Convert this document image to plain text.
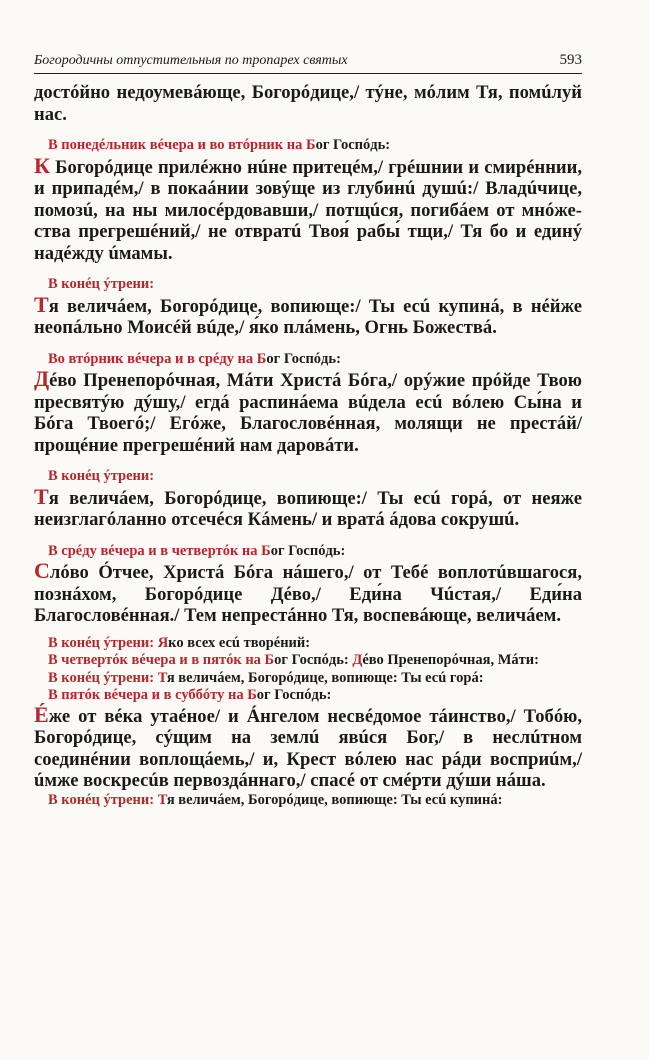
Богородичны отпустительныя по тропарех святых	593

достóйно недоумевáюще, Богорóдице,/ тýне, мóлим Тя, помúлуй нас.

В понедéльник вéчера и во втóрник на Бог Госпóдь:

К Богорóдице прилéжно нúне притецéм,/ грéшнии и смирéннии, и припадéм,/ в покаáнии зовýще из глубинú душú:/ Владúчице, помозú, на ны милосéрдовавши,/ потщúся, погибáем от мнóжества прегрешéний,/ не отвратú Твоя́ рабы́ тщи,/ Тя бо и единý надéжду úмамы.

В конéц ýтрени:

Тя величáем, Богорóдице, вопиюще:/ Ты есú купинá, в нéйже неопáльно Моисéй вúде,/ я́ко плáмень, Огнь Божествá.

Во втóрник вéчера и в срéду на Бог Госпóдь:

Дéво Пренепорóчная, Мáти Христá Бóга,/ орýжие прóйде Твою пресвятýю дýшу,/ егдá распинáема вúдела есú вóлею Сы́на и Бóга Твоегó;/ Егóже, Благословéнная, молящи не престáй/ прощéние прегрешéний нам даровáти.

В конéц ýтрени:

Тя величáем, Богорóдице, вопиюще:/ Ты есú горá, от неяже неизглагóланно отсечéся Кáмень/ и вратá áдова сокрушú.

В срéду вéчера и в четвертóк на Бог Госпóдь:

Слóво Óтчее, Христá Бóга нáшего,/ от Тебé воплотúвшагося, познáхом, Богорóдице Дéво,/ Еди́на Чúстая,/ Еди́на Благословéнная./ Тем непрестáнно Тя, воспевáюще, величáем.

В конéц ýтрени: Яко всех есú творéний:

В четвертóк вéчера и в пятóк на Бог Госпóдь: Дéво Пренепорóчная, Мáти:

В конéц ýтрени: Тя величáем, Богорóдице, вопиюще: Ты есú горá:

В пятóк вéчера и в суббóту на Бог Госпóдь:

Éже от вéка утаéное/ и Áнгелом несвéдомое тáинство,/ Тобóю, Богорóдице, сýщим на землú явúся Бог,/ в неслúтном соединéнии воплощáемь,/ и, Крест вóлею нас рáди восприúм,/ úмже воскресúв первоздáннаго,/ спасé от смéрти дýши нáша.

В конéц ýтрени: Тя величáем, Богорóдице, вопиюще: Ты есú купинá:
